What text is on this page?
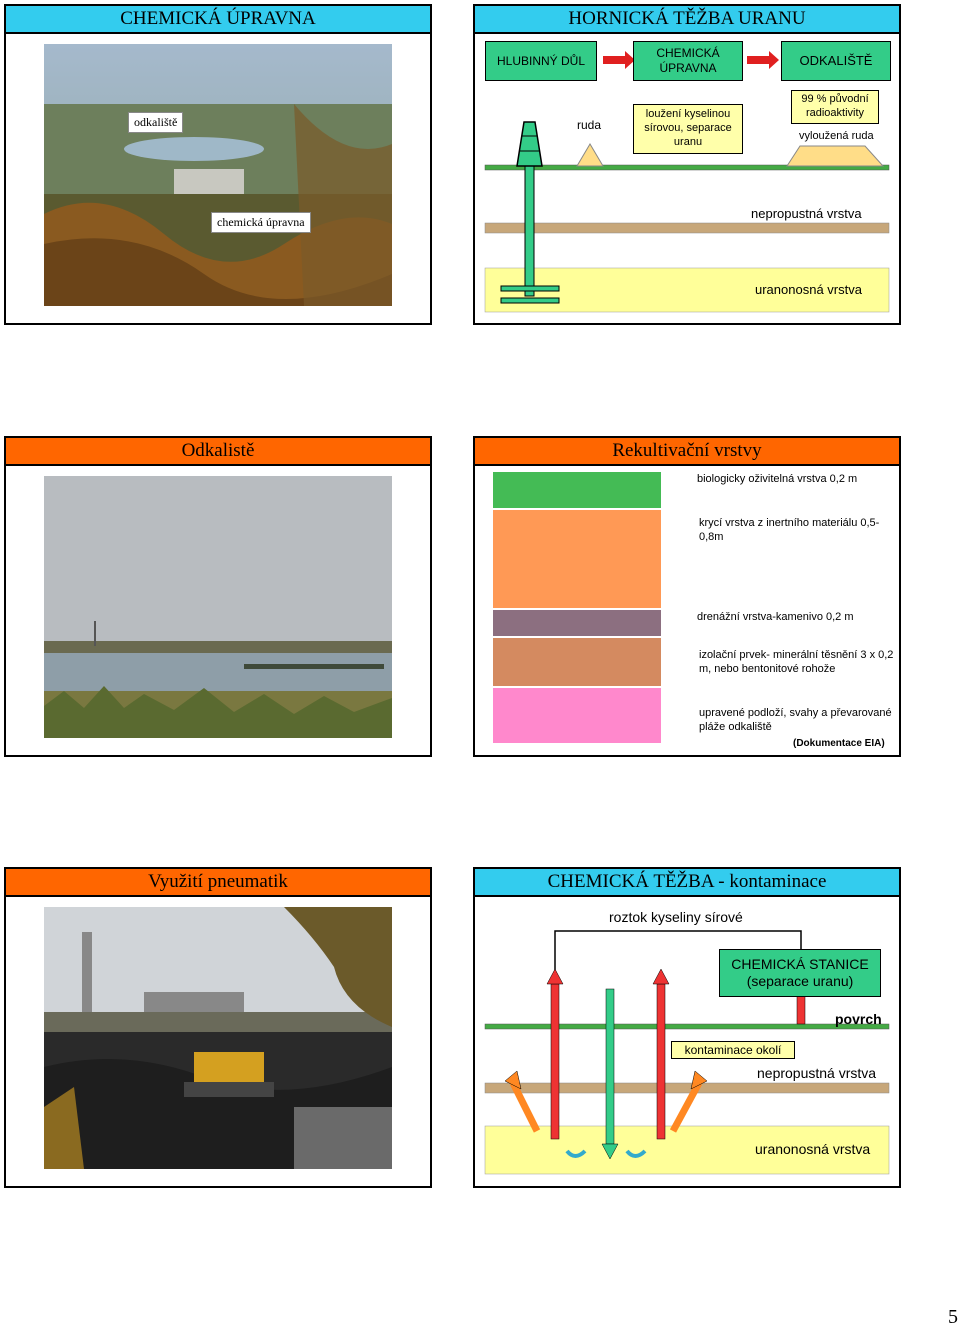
CHEMICKÁ ÚPRAVNA
odkaliště
chemická úpravna
HORNICKÁ TĚŽBA URANU
HLUBINNÝ DŮL
CHEMICKÁ ÚPRAVNA
ODKALIŠTĚ
ruda
loužení kyselinou sírovou, separace uranu
99 % původní radioaktivity
vyloužená ruda
nepropustná vrstva
uranonosná vrstva
Odkalistě	Rekultivační vrstvy
biologicky oživitelná vrstva 0,2 m
krycí vrstva z inertního materiálu 0,5-0,8m
drenážní vrstva-kamenivo 0,2 m
izolační prvek- minerální těsnění 3 x 0,2 m, nebo bentonitové rohože
upravené podloží, svahy a převarované pláže odkaliště
(Dokumentace EIA)
Využití pneumatik	CHEMICKÁ TĚŽBA - kontaminace
roztok kyseliny sírové
CHEMICKÁ STANICE (separace uranu)
povrch
kontaminace okolí
nepropustná vrstva
uranonosná vrstva
5
